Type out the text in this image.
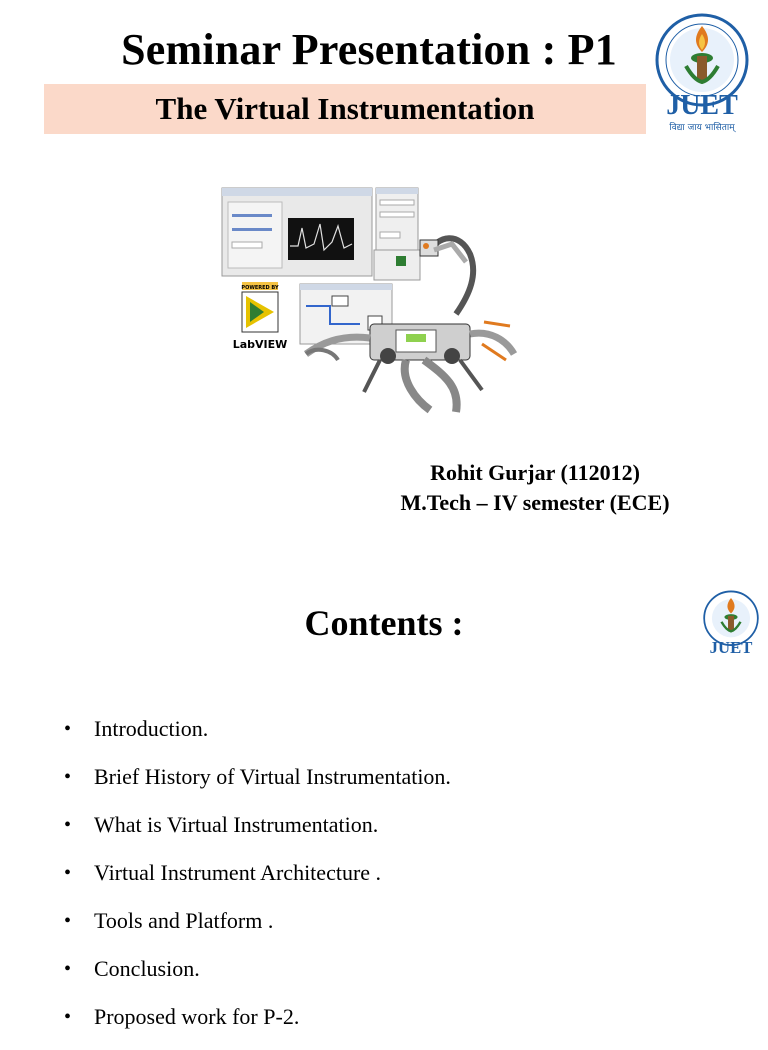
Seminar Presentation : P1
The Virtual Instrumentation	JUET
विद्या जाय भासिताम्
POWERED BY
LabVIEW
Rohit Gurjar (112012)
M.Tech – IV semester (ECE)
Contents :
JUET
• Introduction.
• Brief History of Virtual Instrumentation.
• What is Virtual Instrumentation.
• Virtual Instrument Architecture .
• Tools and Platform .
• Conclusion.
• Proposed work for P-2.
